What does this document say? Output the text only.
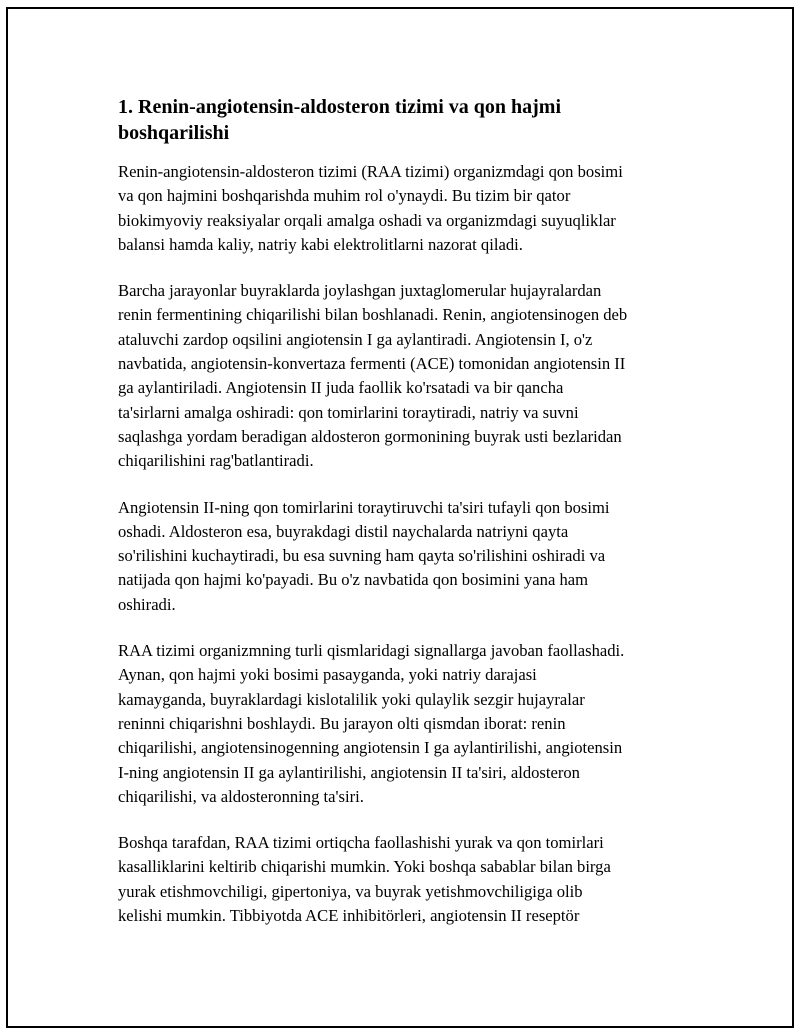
1. Renin-angiotensin-aldosteron tizimi va qon hajmi
boshqarilishi

Renin-angiotensin-aldosteron tizimi (RAA tizimi) organizmdagi qon bosimi
va qon hajmini boshqarishda muhim rol o'ynaydi. Bu tizim bir qator
biokimyoviy reaksiyalar orqali amalga oshadi va organizmdagi suyuqliklar
balansi hamda kaliy, natriy kabi elektrolitlarni nazorat qiladi.

Barcha jarayonlar buyraklarda joylashgan juxtaglomerular hujayralardan
renin fermentining chiqarilishi bilan boshlanadi. Renin, angiotensinogen deb
ataluvchi zardop oqsilini angiotensin I ga aylantiradi. Angiotensin I, o'z
navbatida, angiotensin-konvertaza fermenti (ACE) tomonidan angiotensin II
ga aylantiriladi. Angiotensin II juda faollik ko'rsatadi va bir qancha
ta'sirlarni amalga oshiradi: qon tomirlarini toraytiradi, natriy va suvni
saqlashga yordam beradigan aldosteron gormonining buyrak usti bezlaridan
chiqarilishini rag'batlantiradi.

Angiotensin II-ning qon tomirlarini toraytiruvchi ta'siri tufayli qon bosimi
oshadi. Aldosteron esa, buyrakdagi distil naychalarda natriyni qayta
so'rilishini kuchaytiradi, bu esa suvning ham qayta so'rilishini oshiradi va
natijada qon hajmi ko'payadi. Bu o'z navbatida qon bosimini yana ham
oshiradi.

RAA tizimi organizmning turli qismlaridagi signallarga javoban faollashadi.
Aynan, qon hajmi yoki bosimi pasayganda, yoki natriy darajasi
kamayganda, buyraklardagi kislotalilik yoki qulaylik sezgir hujayralar
reninni chiqarishni boshlaydi. Bu jarayon olti qismdan iborat: renin
chiqarilishi, angiotensinogenning angiotensin I ga aylantirilishi, angiotensin
I-ning angiotensin II ga aylantirilishi, angiotensin II ta'siri, aldosteron
chiqarilishi, va aldosteronning ta'siri.

Boshqa tarafdan, RAA tizimi ortiqcha faollashishi yurak va qon tomirlari
kasalliklarini keltirib chiqarishi mumkin. Yoki boshqa sabablar bilan birga
yurak etishmovchiligi, gipertoniya, va buyrak yetishmovchiligiga olib
kelishi mumkin. Tibbiyotda ACE inhibitörleri, angiotensin II reseptör
